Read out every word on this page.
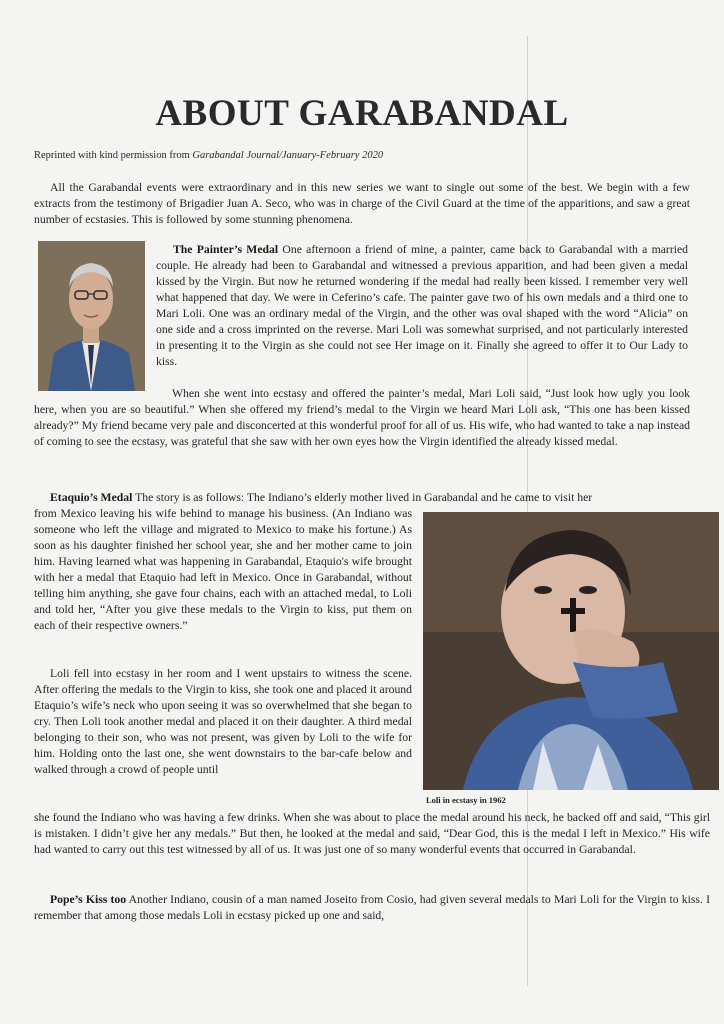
ABOUT GARABANDAL
Reprinted with kind permission from Garabandal Journal/January-February 2020

All the Garabandal events were extraordinary and in this new series we want to single out some of the best. We begin with a few extracts from the testimony of Brigadier Juan A. Seco, who was in charge of the Civil Guard at the time of the apparitions, and saw a great number of ecstasies. This is followed by some stunning phenomena.

The Painter’s Medal One afternoon a friend of mine, a painter, came back to Garabandal with a married couple. He already had been to Garabandal and witnessed a previous apparition, and had been given a medal kissed by the Virgin. But now he returned wondering if the medal had really been kissed. I remember very well what happened that day. We were in Ceferino’s cafe. The painter gave two of his own medals and a third one to Mari Loli. One was an ordinary medal of the Virgin, and the other was oval shaped with the word “Alicia” on one side and a cross imprinted on the reverse. Mari Loli was somewhat surprised, and not particularly interested in presenting it to the Virgin as she could not see Her image on it. Finally she agreed to offer it to Our Lady to kiss.

When she went into ecstasy and offered the painter’s medal, Mari Loli said, “Just look how ugly you look here, when you are so beautiful.” When she offered my friend’s medal to the Virgin we heard Mari Loli ask, “This one has been kissed already?” My friend became very pale and disconcerted at this wonderful proof for all of us. His wife, who had wanted to take a nap instead of coming to see the ecstasy, was grateful that she saw with her own eyes how the Virgin identified the already kissed medal.

Etaquio’s Medal The story is as follows: The Indiano’s elderly mother lived in Garabandal and he came to visit her

from Mexico leaving his wife behind to manage his business. (An Indiano was someone who left the village and migrated to Mexico to make his fortune.) As soon as his daughter finished her school year, she and her mother came to join him. Having learned what was happening in Garabandal, Etaquio's wife brought with her a medal that Etaquio had left in Mexico. Once in Garabandal, without telling him anything, she gave four chains, each with an attached medal, to Loli and told her, “After you give these medals to the Virgin to kiss, put them on each of their respective owners.”

Loli fell into ecstasy in her room and I went upstairs to witness the scene. After offering the medals to the Virgin to kiss, she took one and placed it around Etaquio’s wife’s neck who upon seeing it was so overwhelmed that she began to cry. Then Loli took another medal and placed it on their daughter. A third medal belonging to their son, who was not present, was given by Loli to the wife for him. Holding onto the last one, she went downstairs to the bar-cafe below and walked through a crowd of people until

Loli in ecstasy in 1962

she found the Indiano who was having a few drinks. When she was about to place the medal around his neck, he backed off and said, “This girl is mistaken. I didn’t give her any medals.” But then, he looked at the medal and said, “Dear God, this is the medal I left in Mexico.” His wife had wanted to carry out this test witnessed by all of us. It was just one of so many wonderful events that occurred in Garabandal.

Pope’s Kiss too Another Indiano, cousin of a man named Joseito from Cosio, had given several medals to Mari Loli for the Virgin to kiss. I remember that among those medals Loli in ecstasy picked up one and said,
